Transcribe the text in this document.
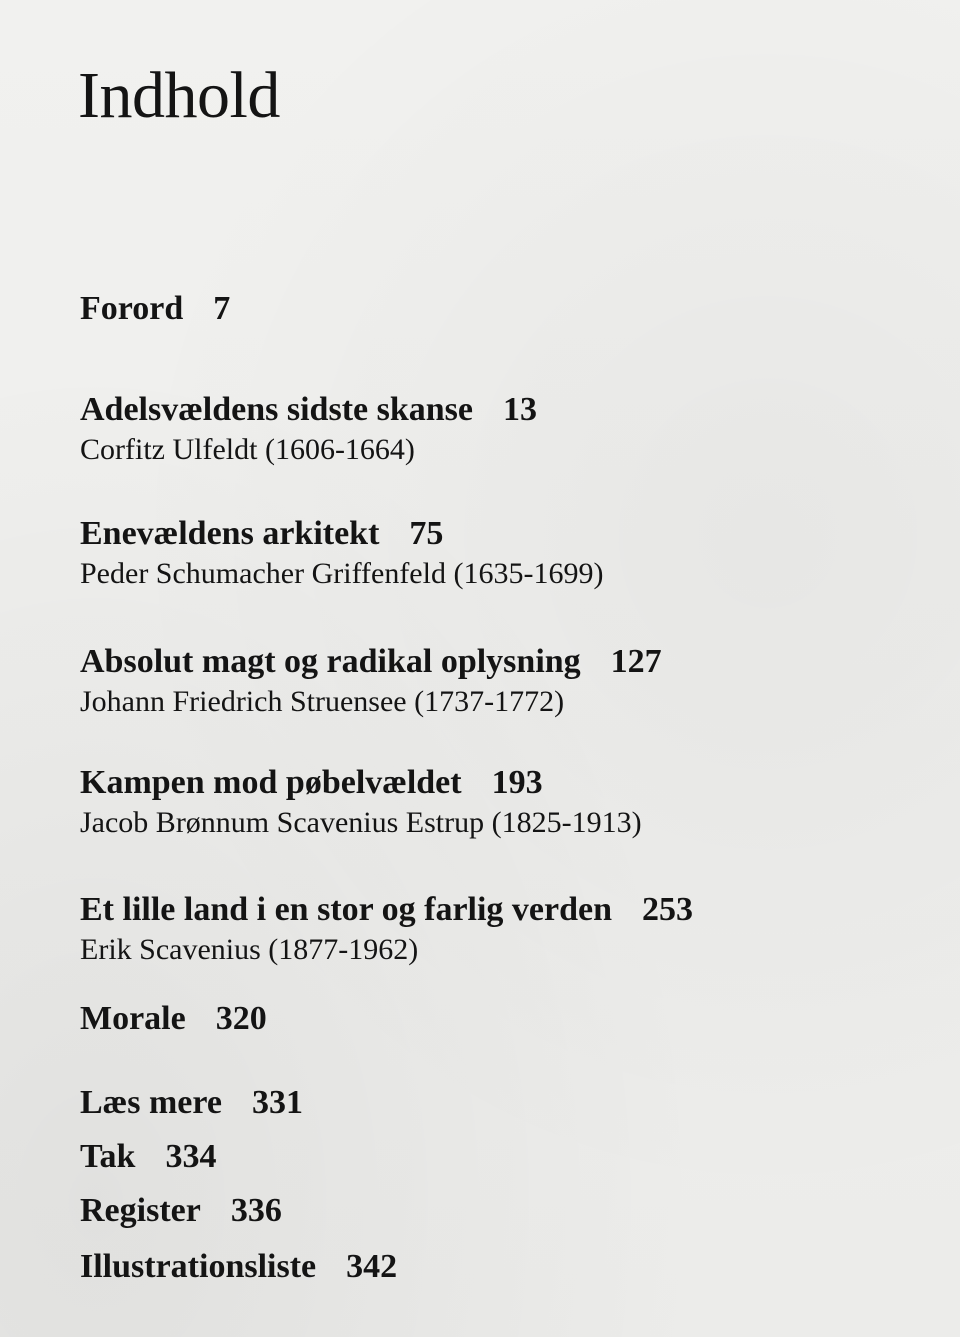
Indhold
Forord 7
Adelsvældens sidste skanse 13
Corfitz Ulfeldt (1606-1664)
Enevældens arkitekt 75
Peder Schumacher Griffenfeld (1635-1699)
Absolut magt og radikal oplysning 127
Johann Friedrich Struensee (1737-1772)
Kampen mod pøbelvældet 193
Jacob Brønnum Scavenius Estrup (1825-1913)
Et lille land i en stor og farlig verden 253
Erik Scavenius (1877-1962)
Morale 320
Læs mere 331
Tak 334
Register 336
Illustrationsliste 342
